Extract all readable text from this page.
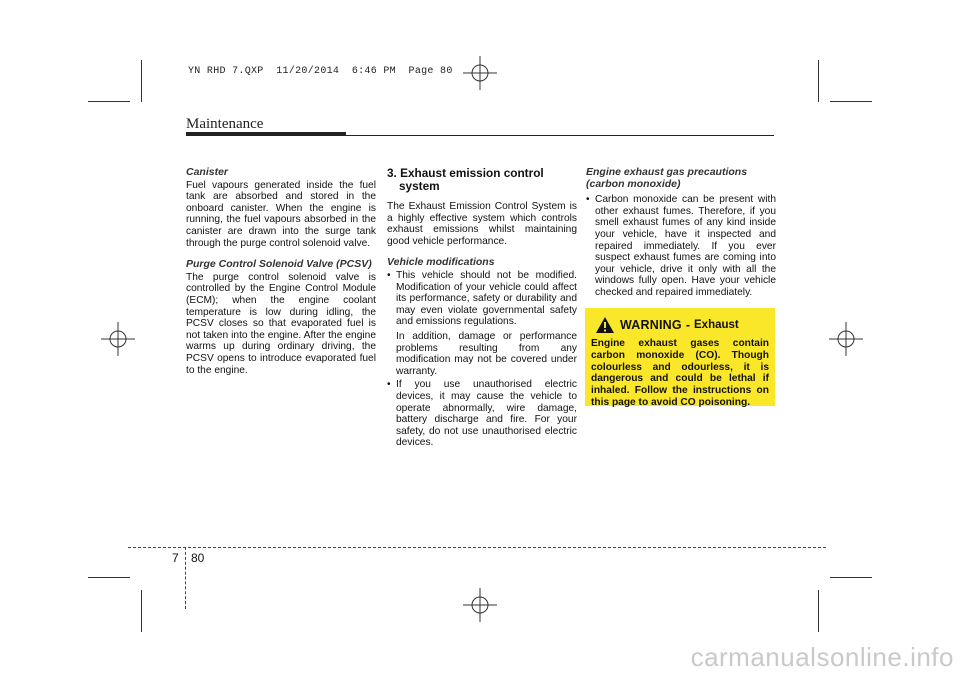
YN RHD 7.QXP  11/20/2014  6:46 PM  Page 80
Maintenance
Canister
Fuel vapours generated inside the fuel tank are absorbed and stored in the onboard canister. When the engine is running, the fuel vapours absorbed in the canister are drawn into the surge tank through the purge control solenoid valve.
Purge Control Solenoid Valve (PCSV)
The purge control solenoid valve is controlled by the Engine Control Module (ECM); when the engine coolant temperature is low during idling, the PCSV closes so that evaporated fuel is not taken into the engine. After the engine warms up during ordinary driving, the PCSV opens to introduce evaporated fuel to the engine.
3. Exhaust emission control system
The Exhaust Emission Control System is a highly effective system which controls exhaust emissions whilst maintaining good vehicle performance.
Vehicle modifications
• This vehicle should not be modified. Modification of your vehicle could affect its performance, safety or durability and may even violate governmental safety and emissions regulations.
In addition, damage or performance problems resulting from any modification may not be covered under warranty.
• If you use unauthorised electric devices, it may cause the vehicle to operate abnormally, wire damage, battery discharge and fire. For your safety, do not use unauthorised electric devices.
Engine exhaust gas precautions (carbon monoxide)
• Carbon monoxide can be present with other exhaust fumes. Therefore, if you smell exhaust fumes of any kind inside your vehicle, have it inspected and repaired immediately. If you ever suspect exhaust fumes are coming into your vehicle, drive it only with all the windows fully open. Have your vehicle checked and repaired immediately.
WARNING - Exhaust
Engine exhaust gases contain carbon monoxide (CO). Though colourless and odourless, it is dangerous and could be lethal if inhaled. Follow the instructions on this page to avoid CO poisoning.
7 80
carmanualsonline.info
